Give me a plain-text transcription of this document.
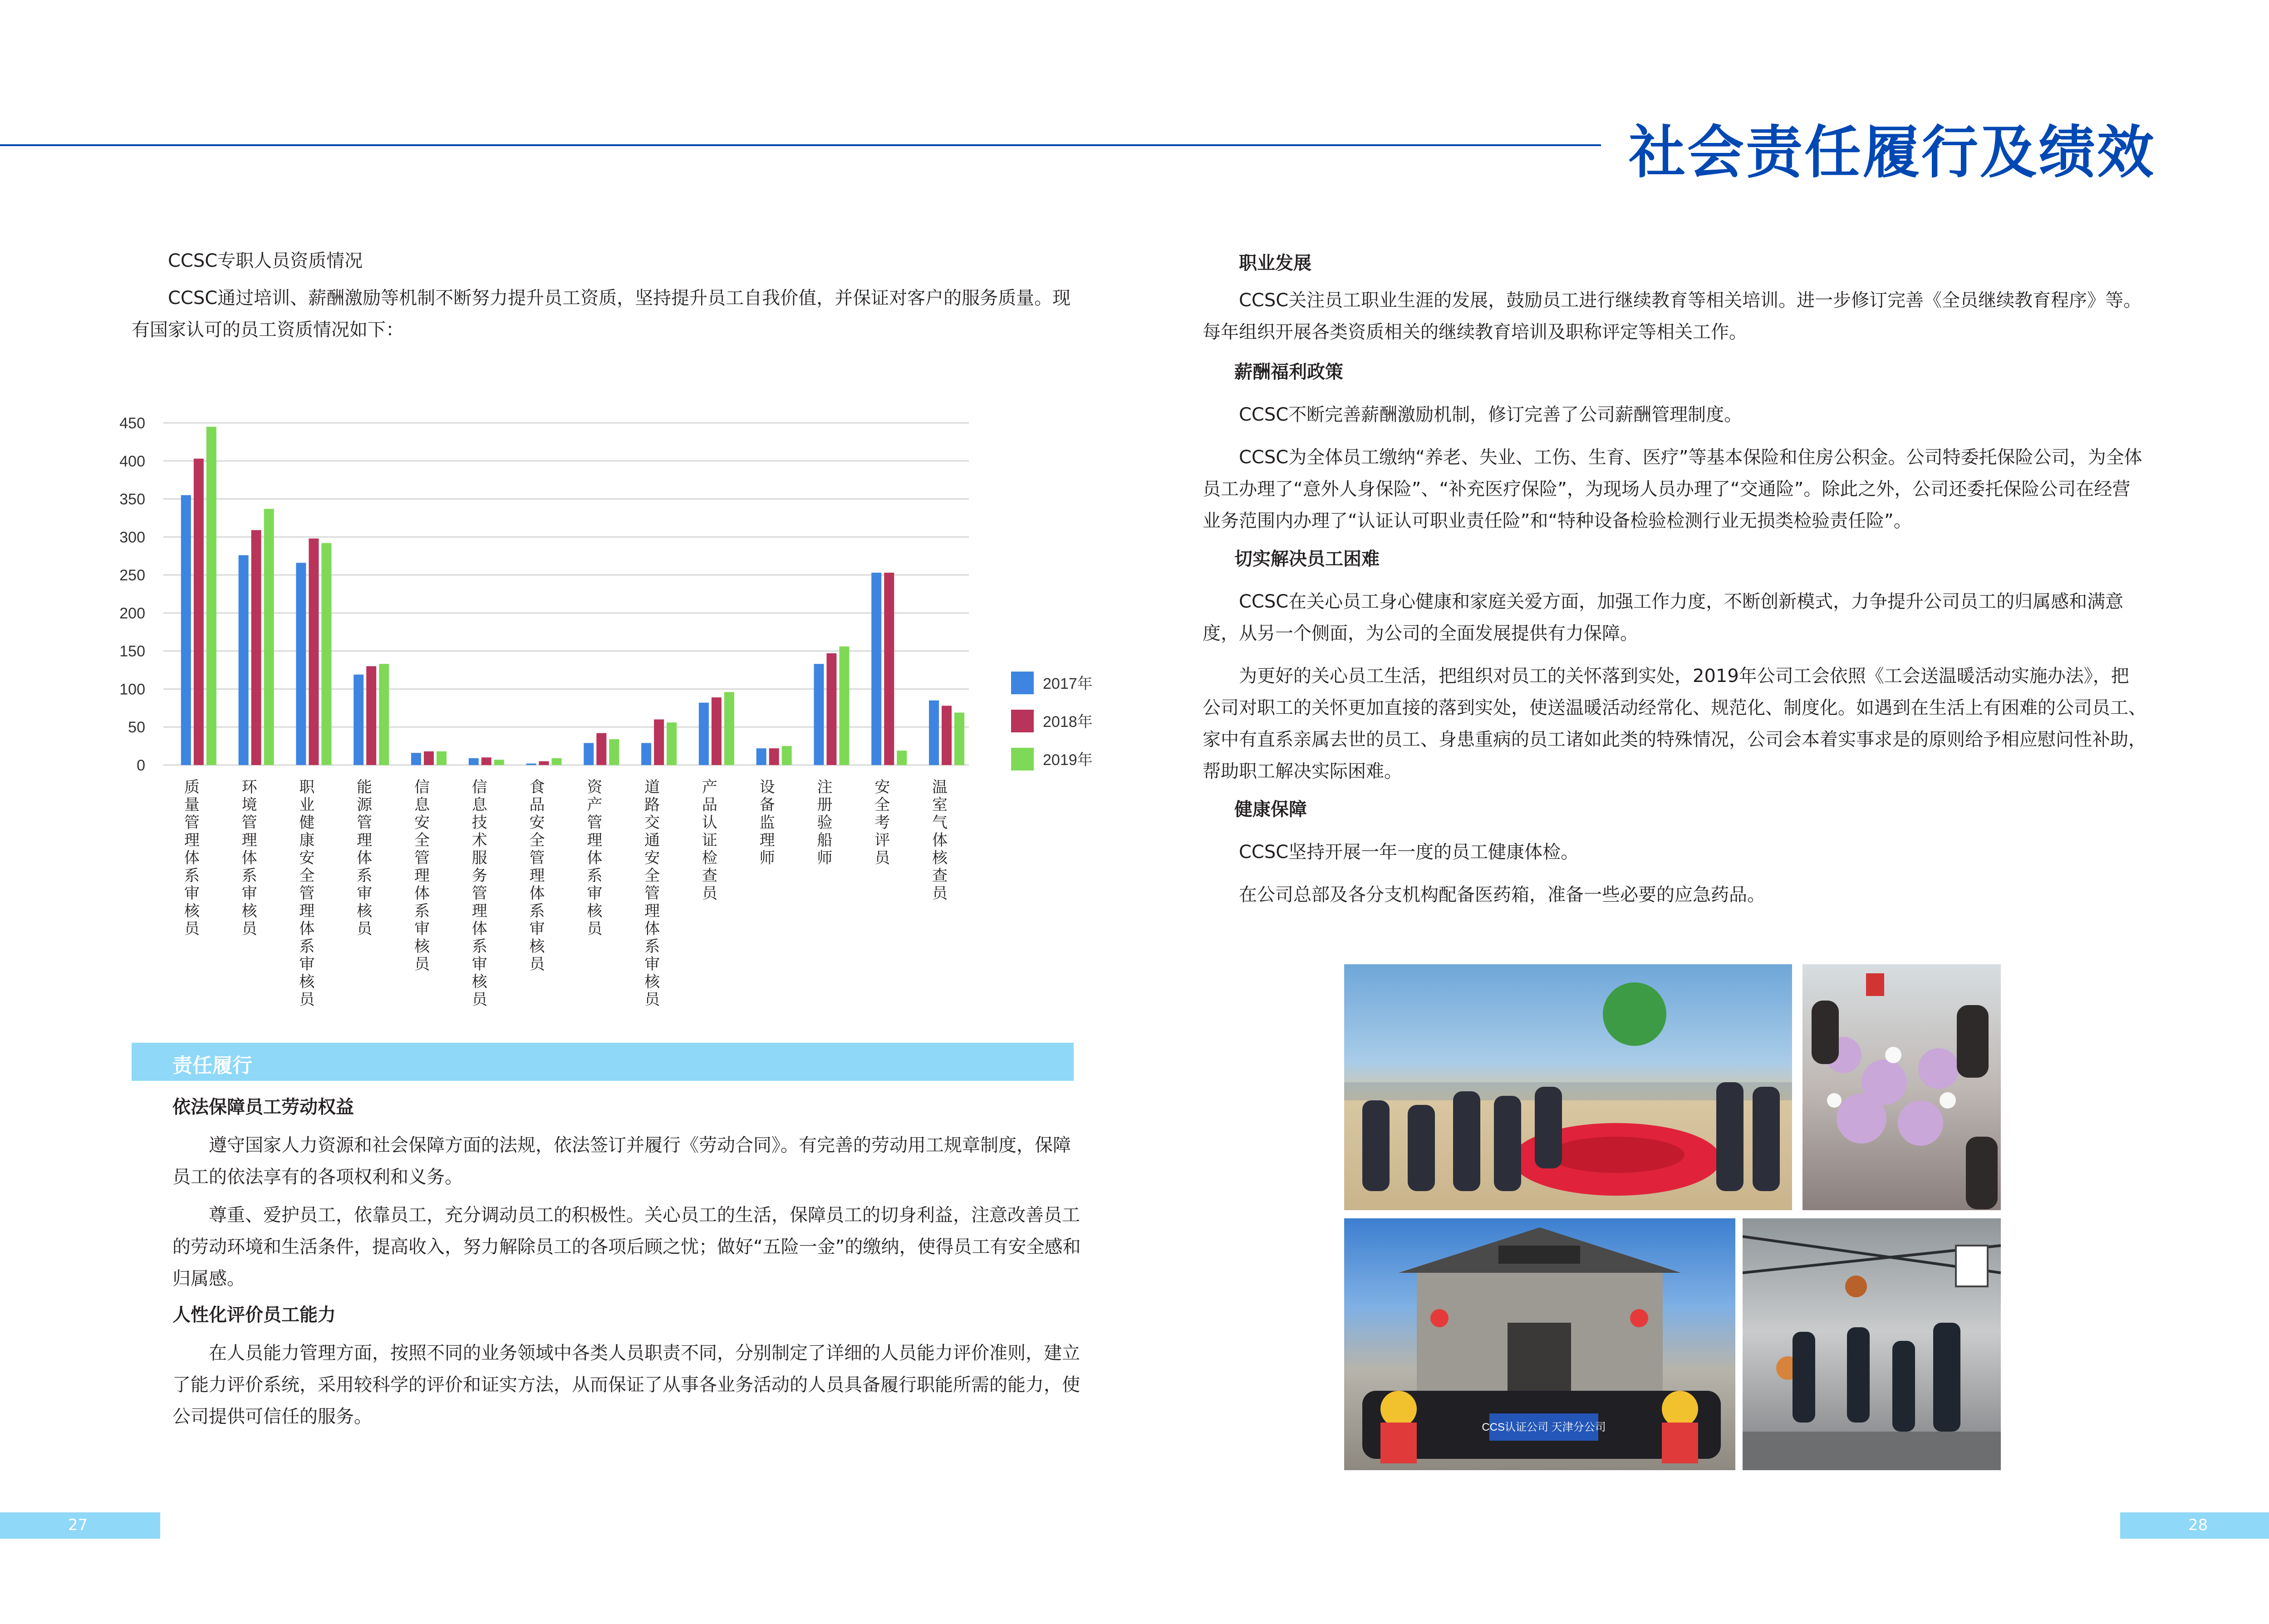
社会责任履行及绩效

CCSC专职人员资质情况

CCSC通过培训、薪酬激励等机制不断努力提升员工资质，坚持提升员工自我价值，并保证对客户的服务质量。现有国家认可的员工资质情况如下：

0
50
100
150
200
250
300
350
400
450
质
量
管
理
体
系
审
核
员
环
境
管
理
体
系
审
核
员
职
业
健
康
安
全
管
理
体
系
审
核
员
能
源
管
理
体
系
审
核
员
信
息
安
全
管
理
体
系
审
核
员
信
息
技
术
服
务
管
理
体
系
审
核
员
食
品
安
全
管
理
体
系
审
核
员
资
产
管
理
体
系
审
核
员
道
路
交
通
安
全
管
理
体
系
审
核
员
产
品
认
证
检
查
员
设
备
监
理
师
注
册
验
船
师
安
全
考
评
员
温
室
气
体
核
查
员
2017年
2018年
2019年
责任履行

依法保障员工劳动权益

遵守国家人力资源和社会保障方面的法规，依法签订并履行《劳动合同》。有完善的劳动用工规章制度，保障员工的依法享有的各项权利和义务。

尊重、爱护员工，依靠员工，充分调动员工的积极性。关心员工的生活，保障员工的切身利益，注意改善员工的劳动环境和生活条件，提高收入，努力解除员工的各项后顾之忧；做好“五险一金”的缴纳，使得员工有安全感和归属感。

人性化评价员工能力

在人员能力管理方面，按照不同的业务领域中各类人员职责不同，分别制定了详细的人员能力评价准则，建立了能力评价系统，采用较科学的评价和证实方法，从而保证了从事各业务活动的人员具备履行职能所需的能力，使公司提供可信任的服务。

职业发展

CCSC关注员工职业生涯的发展，鼓励员工进行继续教育等相关培训。进一步修订完善《全员继续教育程序》等。每年组织开展各类资质相关的继续教育培训及职称评定等相关工作。

薪酬福利政策

CCSC不断完善薪酬激励机制，修订完善了公司薪酬管理制度。

CCSC为全体员工缴纳“养老、失业、工伤、生育、医疗”等基本保险和住房公积金。公司特委托保险公司，为全体员工办理了“意外人身保险”、“补充医疗保险”，为现场人员办理了“交通险”。除此之外，公司还委托保险公司在经营业务范围内办理了“认证认可职业责任险”和“特种设备检验检测行业无损类检验责任险”。

切实解决员工困难

CCSC在关心员工身心健康和家庭关爱方面，加强工作力度，不断创新模式，力争提升公司员工的归属感和满意度，从另一个侧面，为公司的全面发展提供有力保障。

为更好的关心员工生活，把组织对员工的关怀落到实处，2019年公司工会依照《工会送温暖活动实施办法》，把公司对职工的关怀更加直接的落到实处，使送温暖活动经常化、规范化、制度化。如遇到在生活上有困难的公司员工、家中有直系亲属去世的员工、身患重病的员工诸如此类的特殊情况，公司会本着实事求是的原则给予相应慰问性补助，帮助职工解决实际困难。

健康保障

CCSC坚持开展一年一度的员工健康体检。

在公司总部及各分支机构配备医药箱，准备一些必要的应急药品。

CCS认证公司 天津分公司
27	28
